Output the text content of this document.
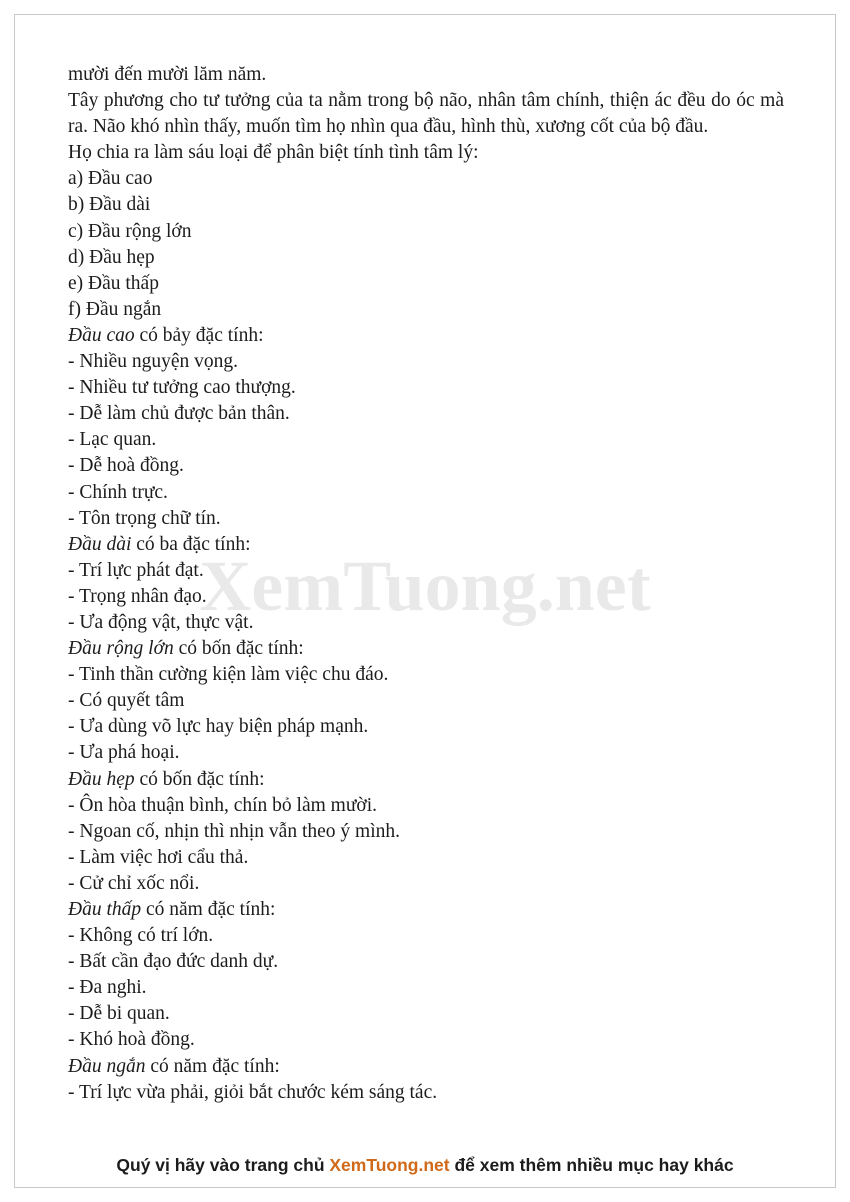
XemTuong.net
mười đến mười lăm năm.
Tây phương cho tư tưởng của ta nằm trong bộ não, nhân tâm chính, thiện ác đều do óc mà ra. Não khó nhìn thấy, muốn tìm họ nhìn qua đầu, hình thù, xương cốt của bộ đầu.
Họ chia ra làm sáu loại để phân biệt tính tình tâm lý:
a) Đầu cao
b) Đầu dài
c) Đầu rộng lớn
d) Đầu hẹp
e) Đầu thấp
f) Đầu ngắn
Đầu cao có bảy đặc tính:
- Nhiều nguyện vọng.
- Nhiều tư tưởng cao thượng.
- Dễ làm chủ được bản thân.
- Lạc quan.
- Dễ hoà đồng.
- Chính trực.
- Tôn trọng chữ tín.
Đầu dài có ba đặc tính:
- Trí lực phát đạt.
- Trọng nhân đạo.
- Ưa động vật, thực vật.
Đầu rộng lớn có bốn đặc tính:
- Tinh thần cường kiện làm việc chu đáo.
- Có quyết tâm
- Ưa dùng võ lực hay biện pháp mạnh.
- Ưa phá hoại.
Đầu hẹp có bốn đặc tính:
- Ôn hòa thuận bình, chín bỏ làm mười.
- Ngoan cố, nhịn thì nhịn vẫn theo ý mình.
- Làm việc hơi cẩu thả.
- Cử chỉ xốc nổi.
Đầu thấp có năm đặc tính:
- Không có trí lớn.
- Bất cần đạo đức danh dự.
- Đa nghi.
- Dễ bi quan.
- Khó hoà đồng.
Đầu ngắn có năm đặc tính:
- Trí lực vừa phải, giỏi bắt chước kém sáng tác.
Quý vị hãy vào trang chủ XemTuong.net để xem thêm nhiều mục hay khác
